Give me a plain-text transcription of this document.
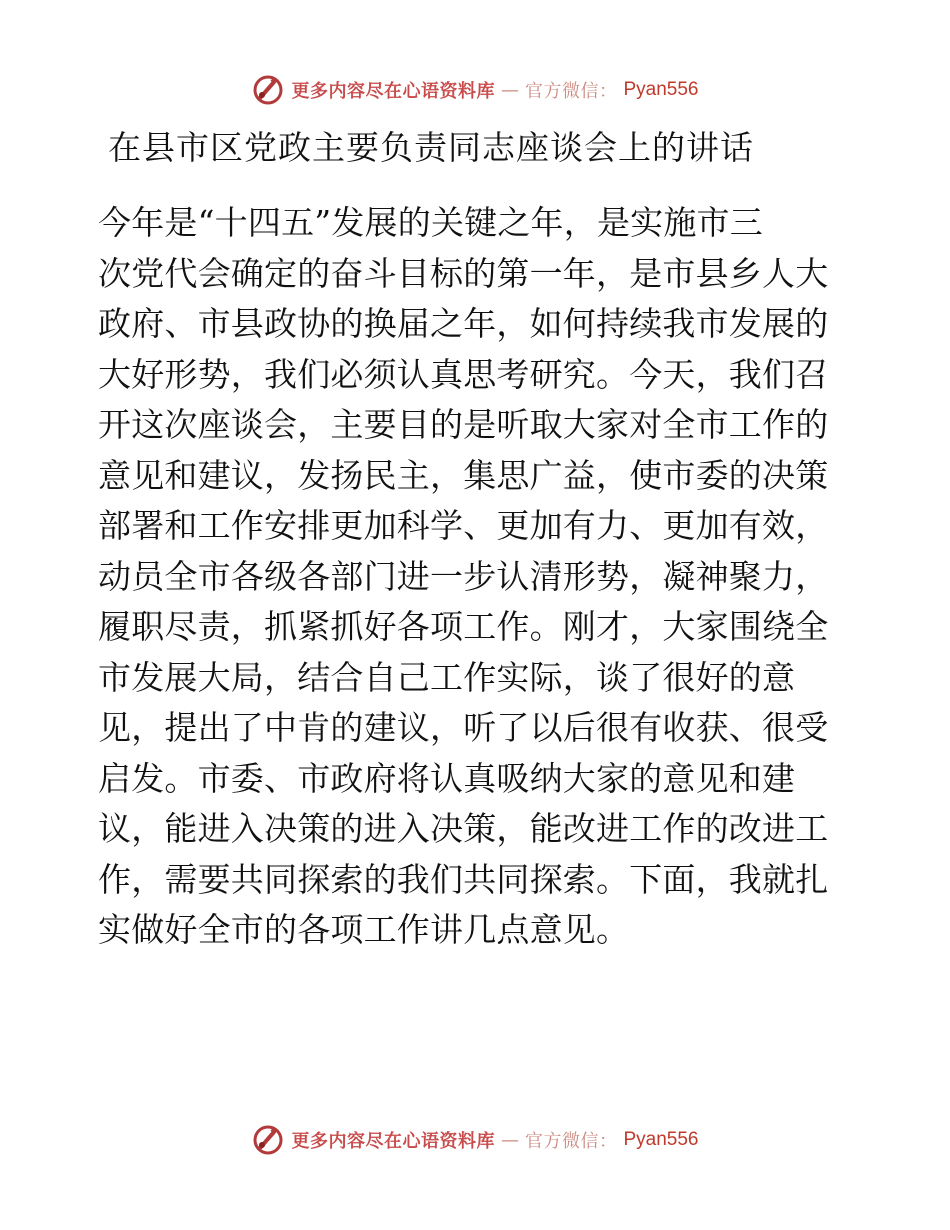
更多内容尽在心语资料库 — 官方微信： Pyan556
在县市区党政主要负责同志座谈会上的讲话
今年是“十四五”发展的关键之年，是实施市三
次党代会确定的奋斗目标的第一年，是市县乡人大
政府、市县政协的换届之年，如何持续我市发展的
大好形势，我们必须认真思考研究。今天，我们召
开这次座谈会，主要目的是听取大家对全市工作的
意见和建议，发扬民主，集思广益，使市委的决策
部署和工作安排更加科学、更加有力、更加有效，
动员全市各级各部门进一步认清形势，凝神聚力，
履职尽责，抓紧抓好各项工作。刚才，大家围绕全
市发展大局，结合自己工作实际，谈了很好的意
见，提出了中肯的建议，听了以后很有收获、很受
启发。市委、市政府将认真吸纳大家的意见和建
议，能进入决策的进入决策，能改进工作的改进工
作，需要共同探索的我们共同探索。下面，我就扎
实做好全市的各项工作讲几点意见。
更多内容尽在心语资料库 — 官方微信： Pyan556
